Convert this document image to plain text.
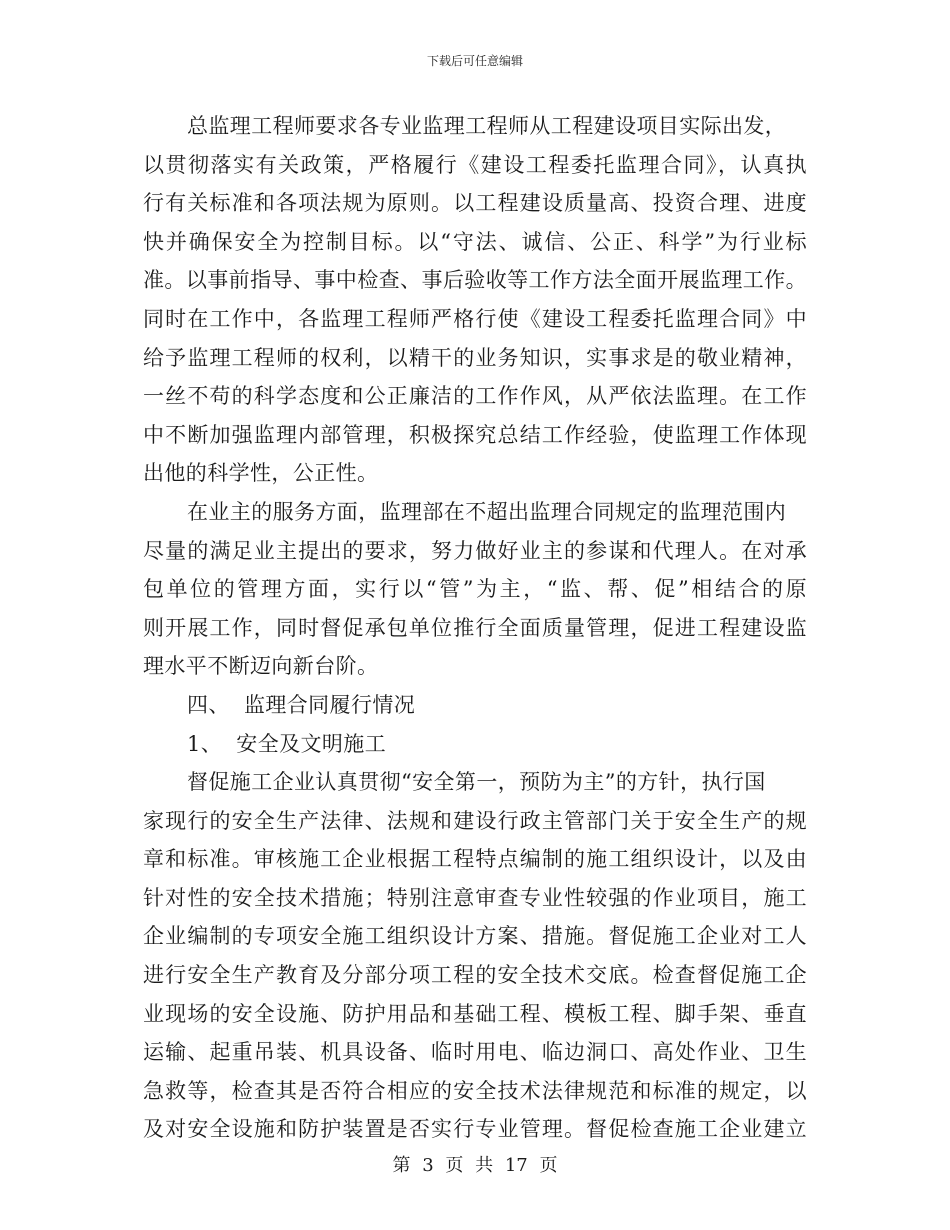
下载后可任意编辑
总监理工程师要求各专业监理工程师从工程建设项目实际出发，
以贯彻落实有关政策，严格履行《建设工程委托监理合同》，认真执
行有关标准和各项法规为原则。以工程建设质量高、投资合理、进度
快并确保安全为控制目标。以“守法、诚信、公正、科学”为行业标
准。以事前指导、事中检查、事后验收等工作方法全面开展监理工作。
同时在工作中，各监理工程师严格行使《建设工程委托监理合同》中
给予监理工程师的权利，以精干的业务知识，实事求是的敬业精神，
一丝不苟的科学态度和公正廉洁的工作作风，从严依法监理。在工作
中不断加强监理内部管理，积极探究总结工作经验，使监理工作体现
出他的科学性，公正性。
在业主的服务方面，监理部在不超出监理合同规定的监理范围内
尽量的满足业主提出的要求，努力做好业主的参谋和代理人。在对承
包单位的管理方面，实行以“管”为主，“监、帮、促”相结合的原
则开展工作，同时督促承包单位推行全面质量管理，促进工程建设监
理水平不断迈向新台阶。
四、  监理合同履行情况
1、  安全及文明施工
督促施工企业认真贯彻“安全第一，预防为主”的方针，执行国
家现行的安全生产法律、法规和建设行政主管部门关于安全生产的规
章和标准。审核施工企业根据工程特点编制的施工组织设计，以及由
针对性的安全技术措施；特别注意审查专业性较强的作业项目，施工
企业编制的专项安全施工组织设计方案、措施。督促施工企业对工人
进行安全生产教育及分部分项工程的安全技术交底。检查督促施工企
业现场的安全设施、防护用品和基础工程、模板工程、脚手架、垂直
运输、起重吊装、机具设备、临时用电、临边洞口、高处作业、卫生
急救等，检查其是否符合相应的安全技术法律规范和标准的规定，以
及对安全设施和防护装置是否实行专业管理。督促检查施工企业建立
第 3 页 共 17 页
